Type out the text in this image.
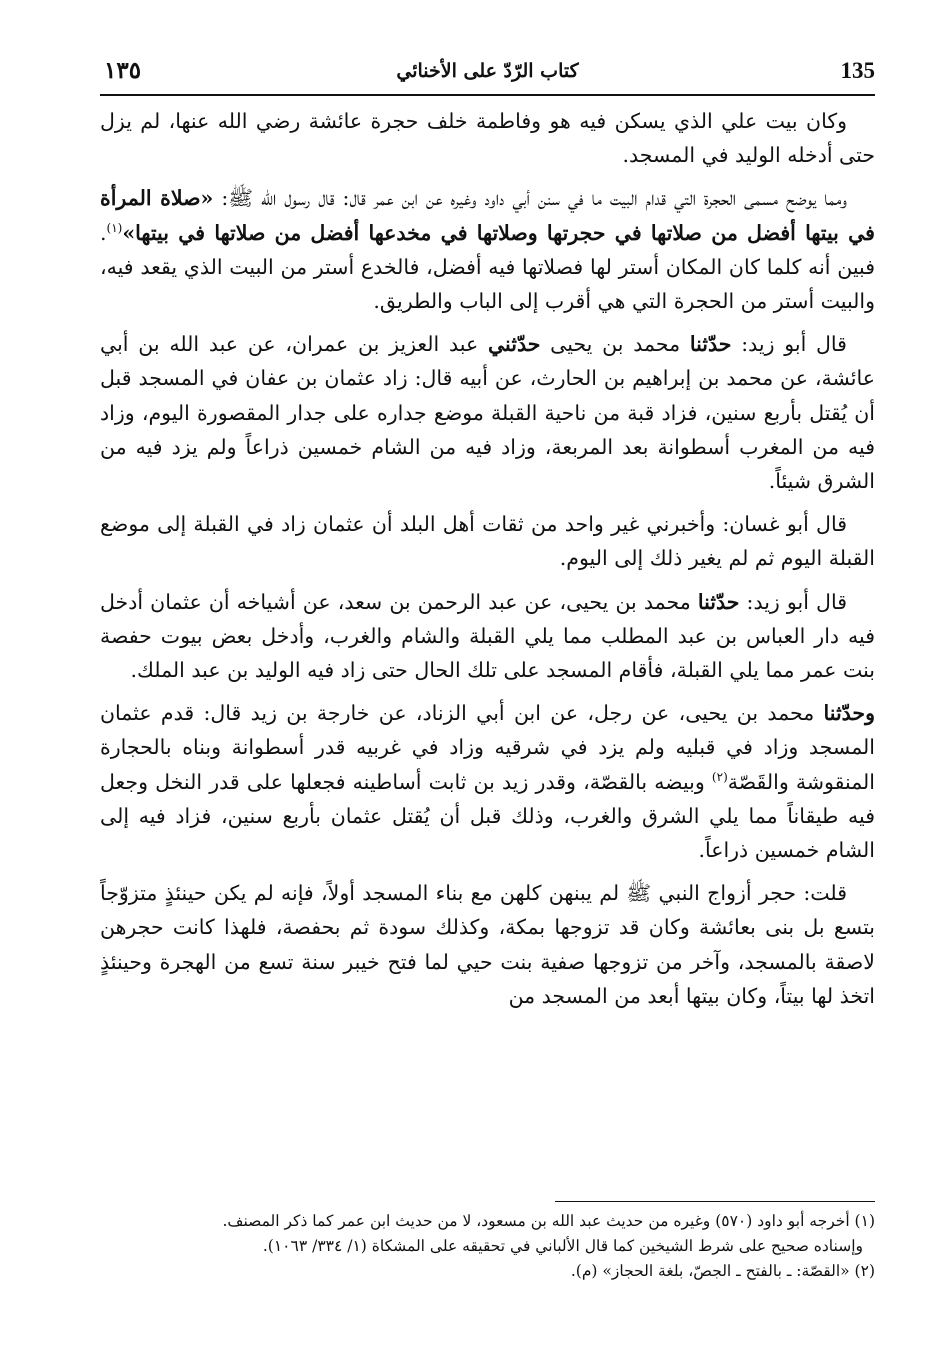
135
كتاب الرّدّ على الأخنائي
١٣٥

وكان بيت علي الذي يسكن فيه هو وفاطمة خلف حجرة عائشة رضي الله عنها، لم يزل حتى أدخله الوليد في المسجد.

ومما يوضح مسمى الحجرة التي قدام البيت ما في سنن أبي داود وغيره عن ابن عمر قال: قال رسول الله ﷺ: «صلاة المرأة في بيتها أفضل من صلاتها في حجرتها وصلاتها في مخدعها أفضل من صلاتها في بيتها»$^{(١)}$. فبين أنه كلما كان المكان أستر لها فصلاتها فيه أفضل، فالخدع أستر من البيت الذي يقعد فيه، والبيت أستر من الحجرة التي هي أقرب إلى الباب والطريق.

قال أبو زيد: حدّثنا محمد بن يحيى حدّثني عبد العزيز بن عمران، عن عبد الله بن أبي عائشة، عن محمد بن إبراهيم بن الحارث، عن أبيه قال: زاد عثمان بن عفان في المسجد قبل أن يُقتل بأربع سنين، فزاد قبة من ناحية القبلة موضع جداره على جدار المقصورة اليوم، وزاد فيه من المغرب أسطوانة بعد المربعة، وزاد فيه من الشام خمسين ذراعاً ولم يزد فيه من الشرق شيئاً.

قال أبو غسان: وأخبرني غير واحد من ثقات أهل البلد أن عثمان زاد في القبلة إلى موضع القبلة اليوم ثم لم يغير ذلك إلى اليوم.

قال أبو زيد: حدّثنا محمد بن يحيى، عن عبد الرحمن بن سعد، عن أشياخه أن عثمان أدخل فيه دار العباس بن عبد المطلب مما يلي القبلة والشام والغرب، وأدخل بعض بيوت حفصة بنت عمر مما يلي القبلة، فأقام المسجد على تلك الحال حتى زاد فيه الوليد بن عبد الملك.

وحدّثنا محمد بن يحيى، عن رجل، عن ابن أبي الزناد، عن خارجة بن زيد قال: قدم عثمان المسجد وزاد في قبليه ولم يزد في شرقيه وزاد في غربيه قدر أسطوانة وبناه بالحجارة المنقوشة والقَصّة$^{(٢)}$ وبيضه بالقصّة، وقدر زيد بن ثابت أساطينه فجعلها على قدر النخل وجعل فيه طيقاناً مما يلي الشرق والغرب، وذلك قبل أن يُقتل عثمان بأربع سنين، فزاد فيه إلى الشام خمسين ذراعاً.

قلت: حجر أزواج النبي ﷺ لم يبنهن كلهن مع بناء المسجد أولاً، فإنه لم يكن حينئذٍ متزوّجاً بتسع بل بنى بعائشة وكان قد تزوجها بمكة، وكذلك سودة ثم بحفصة، فلهذا كانت حجرهن لاصقة بالمسجد، وآخر من تزوجها صفية بنت حيي لما فتح خيبر سنة تسع من الهجرة وحينئذٍ اتخذ لها بيتاً، وكان بيتها أبعد من المسجد من

(١) أخرجه أبو داود (٥٧٠) وغيره من حديث عبد الله بن مسعود، لا من حديث ابن عمر كما ذكر المصنف.

وإسناده صحيح على شرط الشيخين كما قال الألباني في تحقيقه على المشكاة (١/ ٣٣٤/ ١٠٦٣).

(٢) «القصّة: ـ بالفتح ـ الجصّ، بلغة الحجاز» (م).
